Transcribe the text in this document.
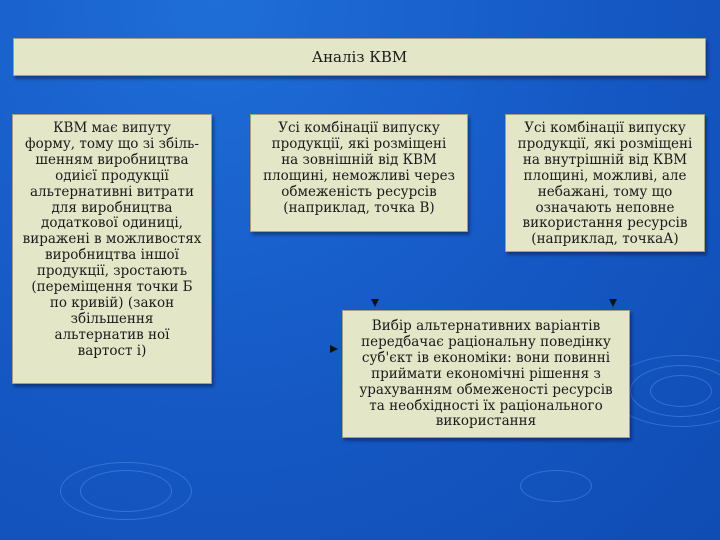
Аналіз КВМ
КВМ має випуту
форму, тому що зі збіль-
шенням виробництва
одиієї продукції
альтернативні витрати
для виробництва
додаткової одиниці,
виражені в можливостях
виробництва іншої
продукції, зростають
(переміщення точки Б
по кривій) (закон
збільшення
альтернатив ної
вартост і)
Усі комбінації випуску
продукції, які розміщені
на зовнішній від КВМ
площині, неможливі через
обмеженість ресурсів
(наприклад, точка В)
Усі комбінації випуску
продукції, які розміщені
на внутрішній від КВМ
площині, можливі, але
небажані, тому що
означають неповне
використання ресурсів
(наприклад, точкаА)
Вибір альтернативних варіантів
передбачає раціональну поведінку
суб'єкт ів економіки: вони повинні
приймати економічні рішення з
урахуванням обмеженості ресурсів
та необхідності їх раціонального
використання
